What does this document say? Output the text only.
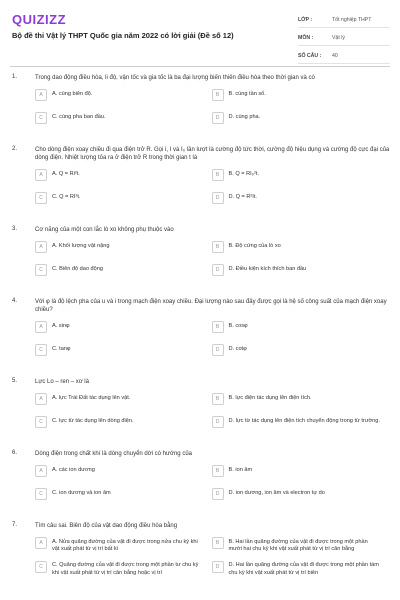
QUIZIZZ
Bộ đề thi Vật lý THPT Quốc gia năm 2022 có lời giải (Đề số 12)
LỚP :	Tốt nghiệp THPT
MÔN :	Vật lý
SỐ CÂU :	40
1.	Trong dao động điều hòa, li độ, vận tốc và gia tốc là ba đại lượng biến thiên điều hòa theo thời gian và có
A	A. cùng biên độ.	B	B. cùng tần số.
C	C. cùng pha ban đầu.	D	D. cùng pha.
2.	Cho dòng điện xoay chiều đi qua điện trở R. Gọi i, I và I₀ lần lượt là cường độ tức thời, cường độ hiệu dụng và cường độ cực đại của dòng điện. Nhiệt lượng tỏa ra ở điện trở R trong thời gian t là
A	A. Q = Ri²t.	B	B. Q = RI₀²t.
C	C. Q = RI²t.	D	D. Q = R²It.
3.	Cơ năng của một con lắc lò xo không phụ thuộc vào
A	A. Khối lượng vật nặng	B	B. Độ cứng của lò xo
C	C. Biên độ dao động	D	D. Điều kiện kích thích ban đầu
4.	Với φ là độ lệch pha của u và i trong mạch điện xoay chiều. Đại lượng nào sau đây được gọi là hệ số công suất của mạch điện xoay chiều?
A	A. sinφ	B	B. cosφ
C	C. tanφ	D	D. cotφ
5.	Lực Lo – ren – xơ là
A	A. lực Trái Đất tác dụng lên vật.	B	B. lực điện tác dụng lên điện tích.
C	C. lực từ tác dụng lên dòng điện.	D	D. lực từ tác dụng lên điện tích chuyển động trong từ trường.
6.	Dòng điện trong chất khí là dòng chuyển dời có hướng của
A	A. các ion dương	B	B. ion âm
C	C. ion dương và ion âm	D	D. ion dương, ion âm và electron tự do
7.	Tìm câu sai. Biên độ của vật dao động điều hòa bằng
A	A. Nửa quãng đường của vật đi được trong nửa chu kỳ khi vật xuất phát từ vị trí bất kì
B	B. Hai lần quãng đường của vật đi được trong một phần mười hai chu kỳ khi vật xuất phát từ vị trí cân bằng
C	C. Quãng đường của vật đi được trong một phần tư chu kỳ khi vật xuất phát từ vị trí cân bằng hoặc vị trí
D	D. Hai lần quãng đường của vật đi được trong một phần tám chu kỳ khi vật xuất phát từ vị trí biên
